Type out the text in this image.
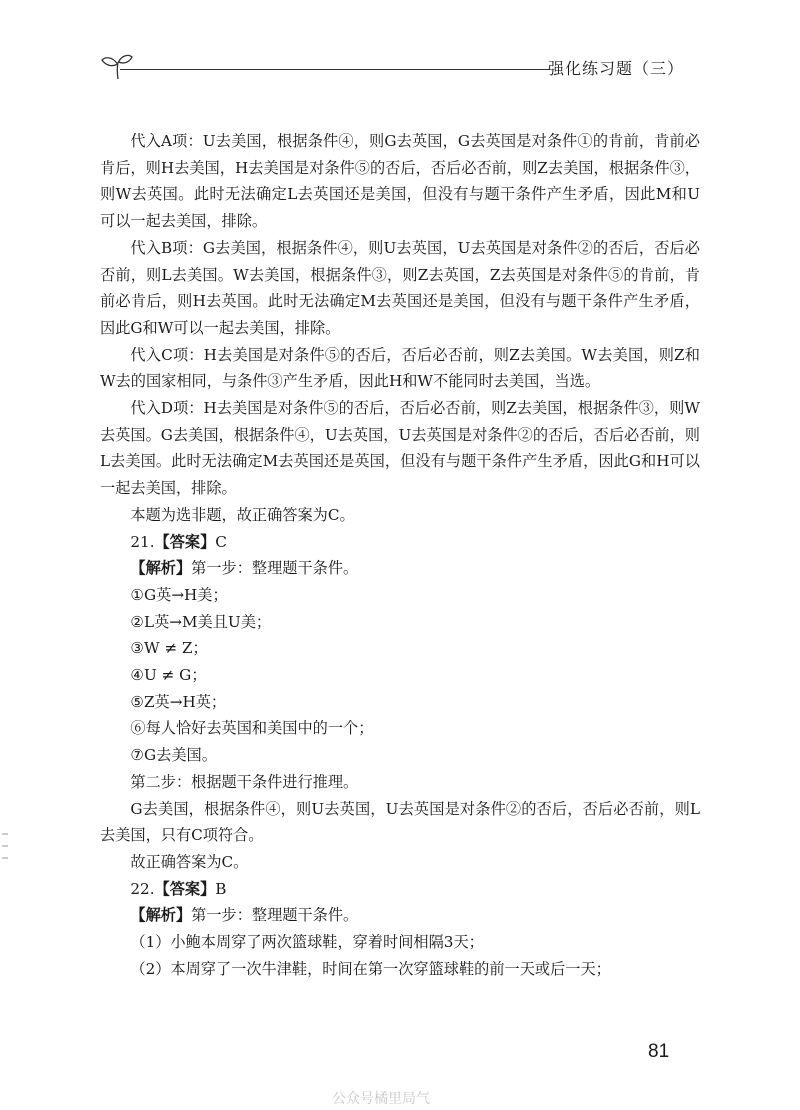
强化练习题（三）

代入A项：U去美国，根据条件④，则G去英国，G去英国是对条件①的肯前，肯前必肯后，则H去美国，H去美国是对条件⑤的否后，否后必否前，则Z去美国，根据条件③，则W去英国。此时无法确定L去英国还是美国，但没有与题干条件产生矛盾，因此M和U可以一起去美国，排除。

代入B项：G去美国，根据条件④，则U去英国，U去英国是对条件②的否后，否后必否前，则L去美国。W去美国，根据条件③，则Z去英国，Z去英国是对条件⑤的肯前，肯前必肯后，则H去英国。此时无法确定M去英国还是美国，但没有与题干条件产生矛盾，因此G和W可以一起去美国，排除。

代入C项：H去美国是对条件⑤的否后，否后必否前，则Z去美国。W去美国，则Z和W去的国家相同，与条件③产生矛盾，因此H和W不能同时去美国，当选。

代入D项：H去美国是对条件⑤的否后，否后必否前，则Z去美国，根据条件③，则W去英国。G去美国，根据条件④，U去英国，U去英国是对条件②的否后，否后必否前，则L去美国。此时无法确定M去英国还是英国，但没有与题干条件产生矛盾，因此G和H可以一起去美国，排除。

本题为选非题，故正确答案为C。

21.【答案】C

【解析】第一步：整理题干条件。

①G英→H美；

②L英→M美且U美；

③W ≠ Z；

④U ≠ G；

⑤Z英→H英；

⑥每人恰好去英国和美国中的一个；

⑦G去美国。

第二步：根据题干条件进行推理。

G去美国，根据条件④，则U去英国，U去英国是对条件②的否后，否后必否前，则L去美国，只有C项符合。

故正确答案为C。

22.【答案】B

【解析】第一步：整理题干条件。

（1）小鲍本周穿了两次篮球鞋，穿着时间相隔3天；

（2）本周穿了一次牛津鞋，时间在第一次穿篮球鞋的前一天或后一天；

81
公众号橘里局气
